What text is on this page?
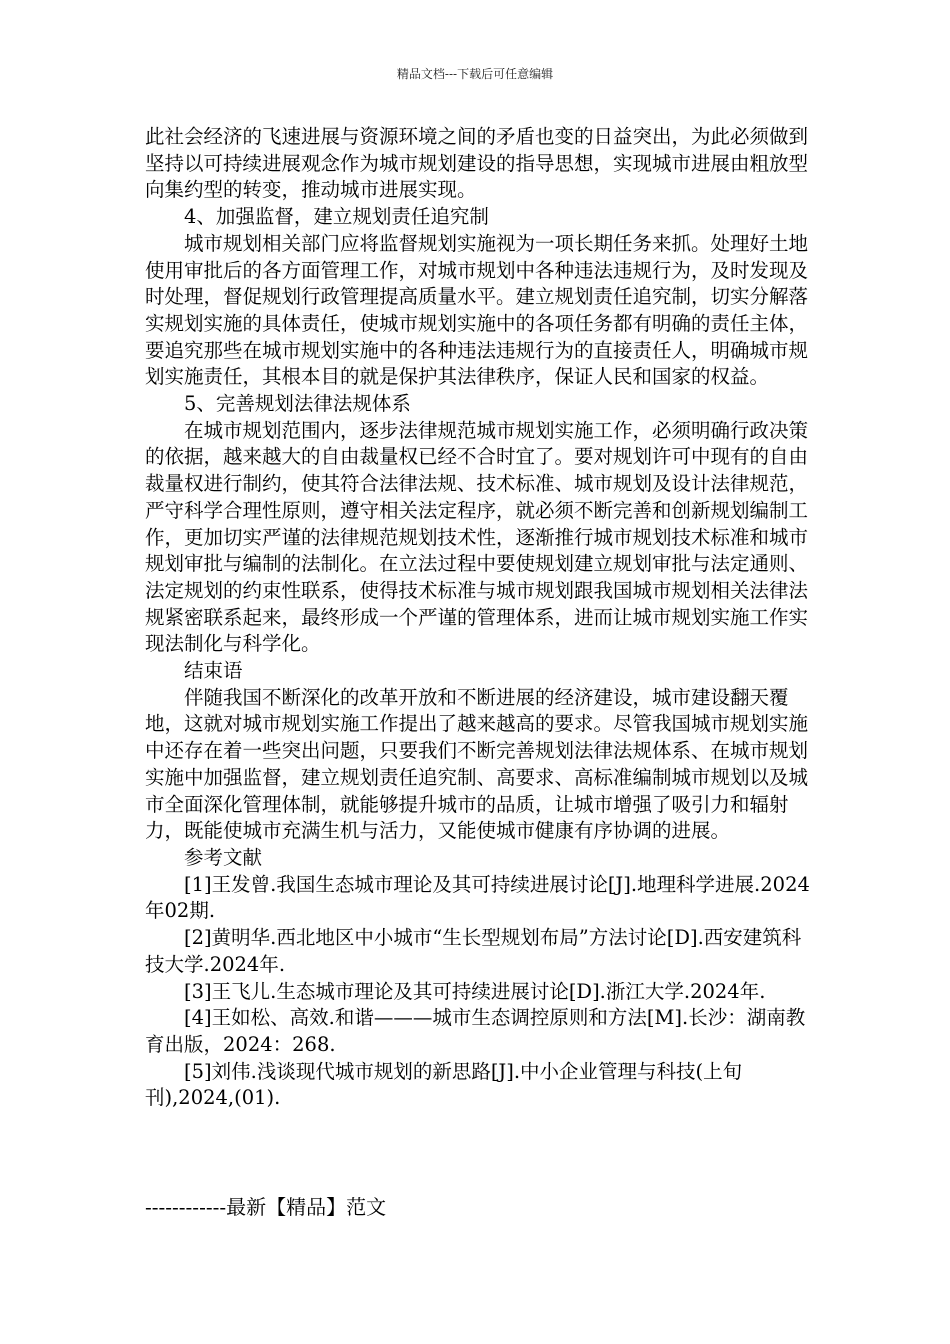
精品文档---下载后可任意编辑

此社会经济的飞速进展与资源环境之间的矛盾也变的日益突出，为此必须做到坚持以可持续进展观念作为城市规划建设的指导思想，实现城市进展由粗放型向集约型的转变，推动城市进展实现。

4、加强监督，建立规划责任追究制

城市规划相关部门应将监督规划实施视为一项长期任务来抓。处理好土地使用审批后的各方面管理工作，对城市规划中各种违法违规行为，及时发现及时处理，督促规划行政管理提高质量水平。建立规划责任追究制，切实分解落实规划实施的具体责任，使城市规划实施中的各项任务都有明确的责任主体，要追究那些在城市规划实施中的各种违法违规行为的直接责任人，明确城市规划实施责任，其根本目的就是保护其法律秩序，保证人民和国家的权益。

5、完善规划法律法规体系

在城市规划范围内，逐步法律规范城市规划实施工作，必须明确行政决策的依据，越来越大的自由裁量权已经不合时宜了。要对规划许可中现有的自由裁量权进行制约，使其符合法律法规、技术标准、城市规划及设计法律规范，严守科学合理性原则，遵守相关法定程序，就必须不断完善和创新规划编制工作，更加切实严谨的法律规范规划技术性，逐渐推行城市规划技术标准和城市规划审批与编制的法制化。在立法过程中要使规划建立规划审批与法定通则、法定规划的约束性联系，使得技术标准与城市规划跟我国城市规划相关法律法规紧密联系起来，最终形成一个严谨的管理体系，进而让城市规划实施工作实现法制化与科学化。

结束语

伴随我国不断深化的改革开放和不断进展的经济建设，城市建设翻天覆地，这就对城市规划实施工作提出了越来越高的要求。尽管我国城市规划实施中还存在着一些突出问题，只要我们不断完善规划法律法规体系、在城市规划实施中加强监督，建立规划责任追究制、高要求、高标准编制城市规划以及城市全面深化管理体制，就能够提升城市的品质，让城市增强了吸引力和辐射力，既能使城市充满生机与活力，又能使城市健康有序协调的进展。

参考文献

[1]王发曾.我国生态城市理论及其可持续进展讨论[J].地理科学进展.2024年02期.

[2]黄明华.西北地区中小城市“生长型规划布局”方法讨论[D].西安建筑科技大学.2024年.

[3]王飞儿.生态城市理论及其可持续进展讨论[D].浙江大学.2024年.

[4]王如松、高效.和谐———城市生态调控原则和方法[M].长沙：湖南教育出版，2024：268.

[5]刘伟.浅谈现代城市规划的新思路[J].中小企业管理与科技(上旬刊),2024,(01).

------------最新【精品】范文
